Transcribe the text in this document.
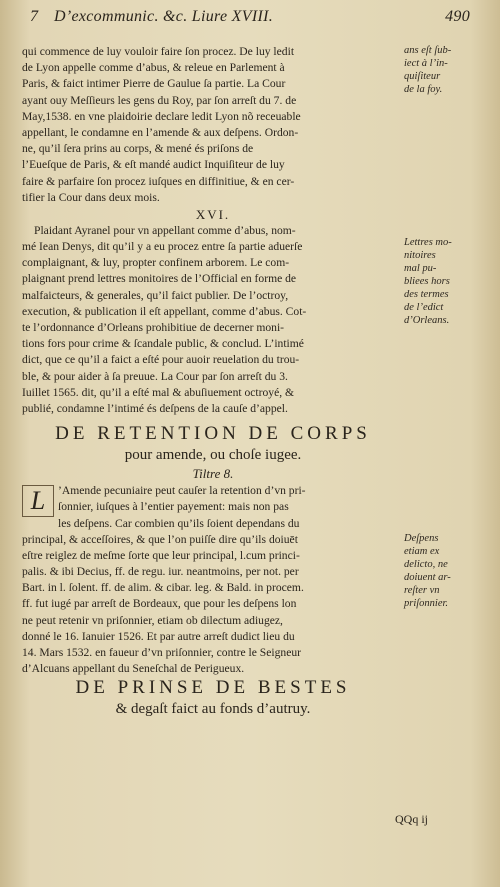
7 D’excommunic. &c. Liure XVIII.	490
qui commence de luy vouloir faire ſon procez. De luy ledit
de Lyon appelle comme d’abus, & releue en Parlement à
Paris, & faict intimer Pierre de Gaulue ſa partie. La Cour
ayant ouy Meſſieurs les gens du Roy, par ſon arreſt du 7. de
May,1538. en vne plaidoirie declare ledit Lyon nõ receuable
appellant, le condamne en l’amende & aux deſpens. Ordon-
ne, qu’il ſera prins au corps, & mené és priſons de
l’Eueſque de Paris, & eſt mandé audict Inquiſiteur de luy
faire & parfaire ſon procez iuſques en diffinitiue, & en cer-
tifier la Cour dans deux mois.
XVI.
Plaidant Ayranel pour vn appellant comme d’abus, nom-
mé Iean Denys, dit qu’il y a eu procez entre ſa partie aduerſe
complaignant, & luy, propter confinem arborem. Le com-
plaignant prend lettres monitoires de l’Official en forme de
malfaicteurs, & generales, qu’il faict publier. De l’octroy,
execution, & publication il eſt appellant, comme d’abus. Cot-
te l’ordonnance d’Orleans prohibitiue de decerner moni-
tions fors pour crime & ſcandale public, & conclud. L’intimé
dict, que ce qu’il a faict a eſté pour auoir reuelation du trou-
ble, & pour aider à ſa preuue. La Cour par ſon arreſt du 3.
Iuillet 1565. dit, qu’il a eſté mal & abuſiuement octroyé, &
publié, condamne l’intimé és deſpens de la cauſe d’appel.
DE RETENTION DE CORPS
pour amende, ou choſe iugee.
Tiltre 8.
L	’Amende pecuniaire peut cauſer la retention d’vn pri-
ſonnier, iuſques à l’entier payement: mais non pas
les deſpens. Car combien qu’ils ſoient dependans du
principal, & acceſſoires, & que l’on puiſſe dire qu’ils doiuēt
eſtre reiglez de meſme ſorte que leur principal, l.cum princi-
palis. & ibi Decius, ff. de regu. iur. neantmoins, per not. per
Bart. in l. ſolent. ff. de alim. & cibar. leg. & Bald. in procem.
ff. fut iugé par arreſt de Bordeaux, que pour les deſpens lon
ne peut retenir vn priſonnier, etiam ob dilectum adiugez,
donné le 16. Ianuier 1526. Et par autre arreſt dudict lieu du
14. Mars 1532. en faueur d’vn priſonnier, contre le Seigneur
d’Alcuans appellant du Seneſchal de Perigueux.
DE PRINSE DE BESTES
& degaſt faict au fonds d’autruy.
QQq ij
ans eſt ſub-
iect à l’in-
quiſiteur
de la foy.
Lettres mo-
nitoires
mal pu-
bliees hors
des termes
de l’edict
d’Orleans.
Deſpens
etiam ex
delicto, ne
doiuent ar-
reſter vn
priſonnier.
